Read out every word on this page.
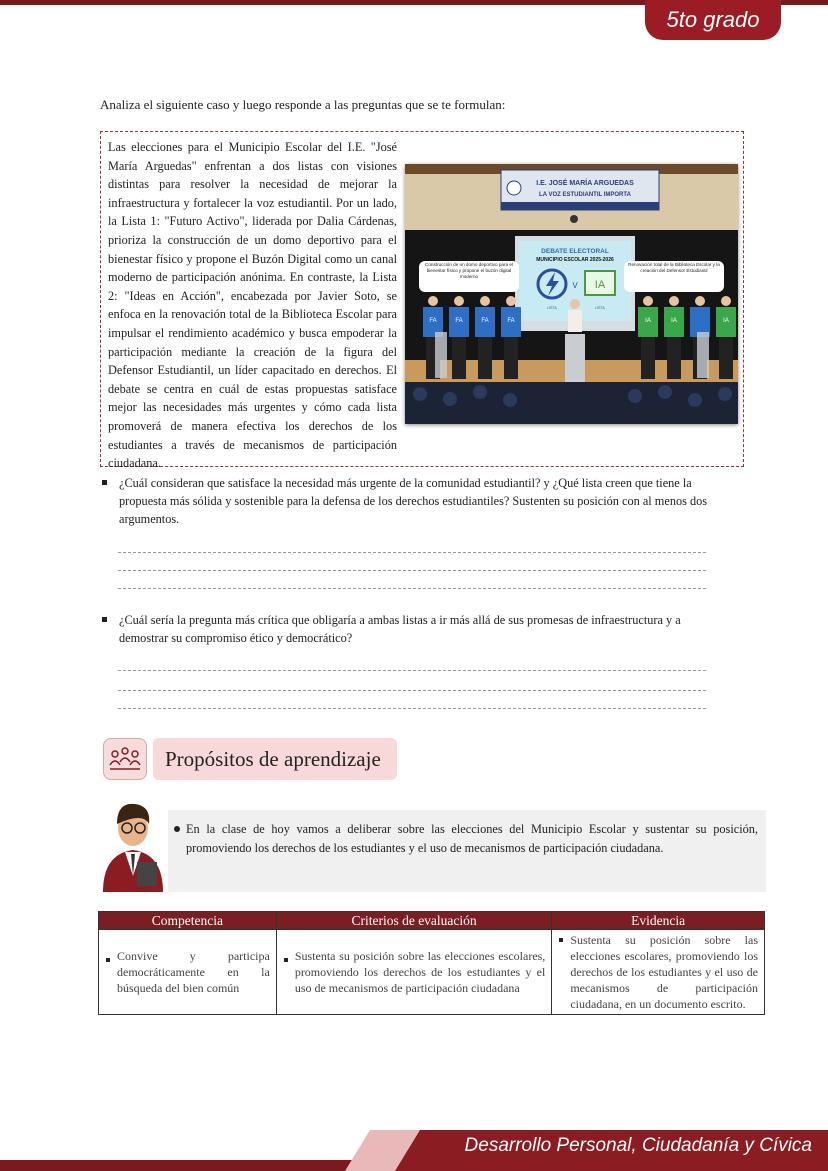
5to grado
Analiza el siguiente caso y luego responde a las preguntas que se te formulan:
Las elecciones para el Municipio Escolar del I.E. "José María Arguedas" enfrentan a dos listas con visiones distintas para resolver la necesidad de mejorar la infraestructura y fortalecer la voz estudiantil. Por un lado, la Lista 1: "Futuro Activo", liderada por Dalia Cárdenas, prioriza la construcción de un domo deportivo para el bienestar físico y propone el Buzón Digital como un canal moderno de participación anónima. En contraste, la Lista 2: "Ideas en Acción", encabezada por Javier Soto, se enfoca en la renovación total de la Biblioteca Escolar para impulsar el rendimiento académico y busca empoderar la participación mediante la creación de la figura del Defensor Estudiantil, un líder capacitado en derechos. El debate se centra en cuál de estas propuestas satisface mejor las necesidades más urgentes y cómo cada lista promoverá de manera efectiva los derechos de los estudiantes a través de mecanismos de participación ciudadana.
I.E. JOSÉ MARÍA ARGUEDAS
LA VOZ ESTUDIANTIL IMPORTA
DEBATE ELECTORAL
MUNICIPIO ESCOLAR 2025-2026
V IA
LISTA	LISTA
Construcción de un domo deportivo para el bienestar físico y propone el buzón digital moderno
Renovación total de la Biblioteca Escolar y la creación del Defensor Estudiantil
FA	FA	FA	FA	IA	IA	IA
¿Cuál consideran que satisface la necesidad más urgente de la comunidad estudiantil? y ¿Qué lista creen que tiene la propuesta más sólida y sostenible para la defensa de los derechos estudiantiles? Sustenten su posición con al menos dos argumentos.
¿Cuál sería la pregunta más crítica que obligaría a ambas listas a ir más allá de sus promesas de infraestructura y a demostrar su compromiso ético y democrático?
Propósitos de aprendizaje
En la clase de hoy vamos a deliberar sobre las elecciones del Municipio Escolar y sustentar su posición, promoviendo los derechos de los estudiantes y el uso de mecanismos de participación ciudadana.
Competencia	Criterios de evaluación	Evidencia
Convive y participa democráticamente en la búsqueda del bien común	Sustenta su posición sobre las elecciones escolares, promoviendo los derechos de los estudiantes y el uso de mecanismos de participación ciudadana	Sustenta su posición sobre las elecciones escolares, promoviendo los derechos de los estudiantes y el uso de mecanismos de participación ciudadana, en un documento escrito.
Desarrollo Personal, Ciudadanía y Cívica
